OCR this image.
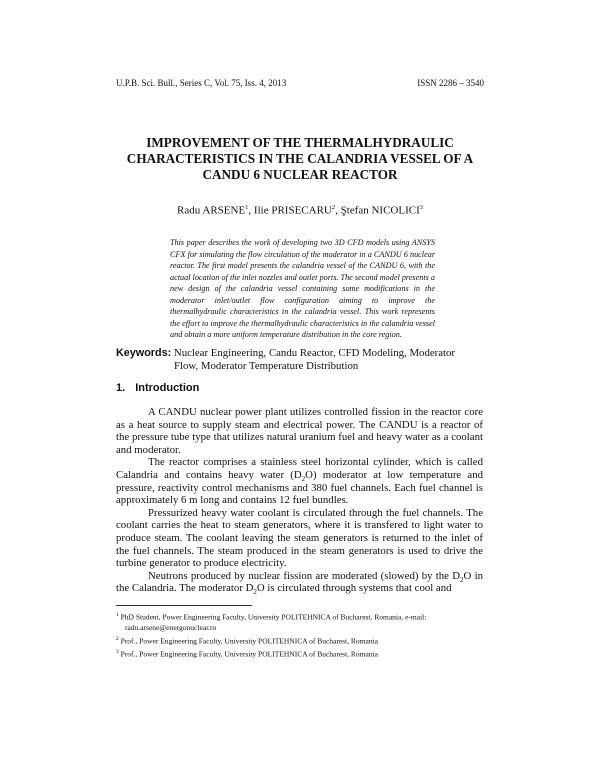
U.P.B. Sci. Bull., Series C, Vol. 75, Iss. 4, 2013	ISSN 2286 – 3540
IMPROVEMENT OF THE THERMALHYDRAULIC
CHARACTERISTICS IN THE CALANDRIA VESSEL OF A
CANDU 6 NUCLEAR REACTOR
Radu ARSENE$^1$, Ilie PRISECARU$^2$, Ştefan NICOLICI$^3$
This paper describes the work of developing two 3D CFD models using ANSYS CFX for simulating the flow circulation of the moderator in a CANDU 6 nuclear reactor. The first model presents the calandria vessel of the CANDU 6, with the actual location of the inlet nozzles and outlet ports. The second model presents a new design of the calandria vessel containing some modifications in the moderator inlet/outlet flow configuration aiming to improve the thermalhydraulic characteristics in the calandria vessel. This work represents the effort to improve the thermalhydraulic characteristics in the calandria vessel and obtain a more uniform temperature distribution in the core region.
Keywords: Nuclear Engineering, Candu Reactor, CFD Modeling, Moderator Flow, Moderator Temperature Distribution
1. Introduction

A CANDU nuclear power plant utilizes controlled fission in the reactor core as a heat source to supply steam and electrical power. The CANDU is a reactor of the pressure tube type that utilizes natural uranium fuel and heavy water as a coolant and moderator.

The reactor comprises a stainless steel horizontal cylinder, which is called Calandria and contains heavy water $(D_2O)$ moderator at low temperature and pressure, reactivity control mechanisms and 380 fuel channels. Each fuel channel is approximately 6 m long and contains 12 fuel bundles.

Pressurized heavy water coolant is circulated through the fuel channels. The coolant carries the heat to steam generators, where it is transfered to light water to produce steam. The coolant leaving the steam generators is returned to the inlet of the fuel channels. The steam produced in the steam generators is used to drive the turbine generator to produce electricity.

Neutrons produced by nuclear fission are moderated (slowed) by the $D_2O$ in the Calandria. The moderator $D_2O$ is circulated through systems that cool and

$^1$ PhD Student, Power Engineering Faculty, University POLITEHNICA of Bucharest, Romania, e-mail: radu.arsene@energonuclear.ro
$^2$ Prof., Power Engineering Faculty, University POLITEHNICA of Bucharest, Romania
$^3$ Prof., Power Engineering Faculty, University POLITEHNICA of Bucharest, Romania
